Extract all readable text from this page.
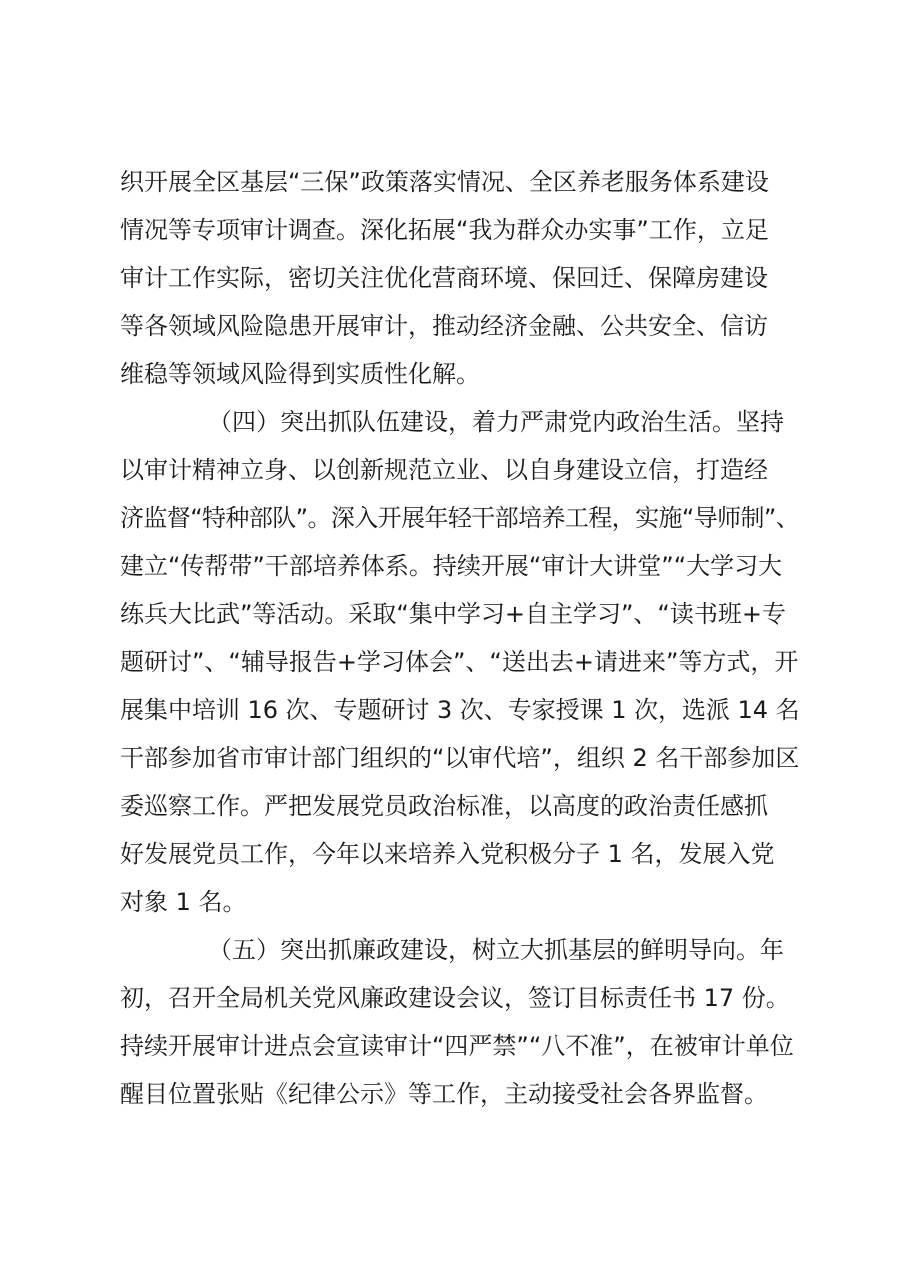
织开展全区基层“三保”政策落实情况、全区养老服务体系建设
情况等专项审计调查。深化拓展“我为群众办实事”工作，立足
审计工作实际，密切关注优化营商环境、保回迁、保障房建设
等各领域风险隐患开展审计，推动经济金融、公共安全、信访
维稳等领域风险得到实质性化解。
（四）突出抓队伍建设，着力严肃党内政治生活。坚持
以审计精神立身、以创新规范立业、以自身建设立信，打造经
济监督“特种部队”。深入开展年轻干部培养工程，实施“导师制”、
建立“传帮带”干部培养体系。持续开展“审计大讲堂”“大学习大
练兵大比武”等活动。采取“集中学习+自主学习”、“读书班+专
题研讨”、“辅导报告+学习体会”、“送出去+请进来”等方式，开
展集中培训 16 次、专题研讨 3 次、专家授课 1 次，选派 14 名
干部参加省市审计部门组织的“以审代培”，组织 2 名干部参加区
委巡察工作。严把发展党员政治标准，以高度的政治责任感抓
好发展党员工作，今年以来培养入党积极分子 1 名，发展入党
对象 1 名。
（五）突出抓廉政建设，树立大抓基层的鲜明导向。年
初，召开全局机关党风廉政建设会议，签订目标责任书 17 份。
持续开展审计进点会宣读审计“四严禁”“八不准”，在被审计单位
醒目位置张贴《纪律公示》等工作，主动接受社会各界监督。
